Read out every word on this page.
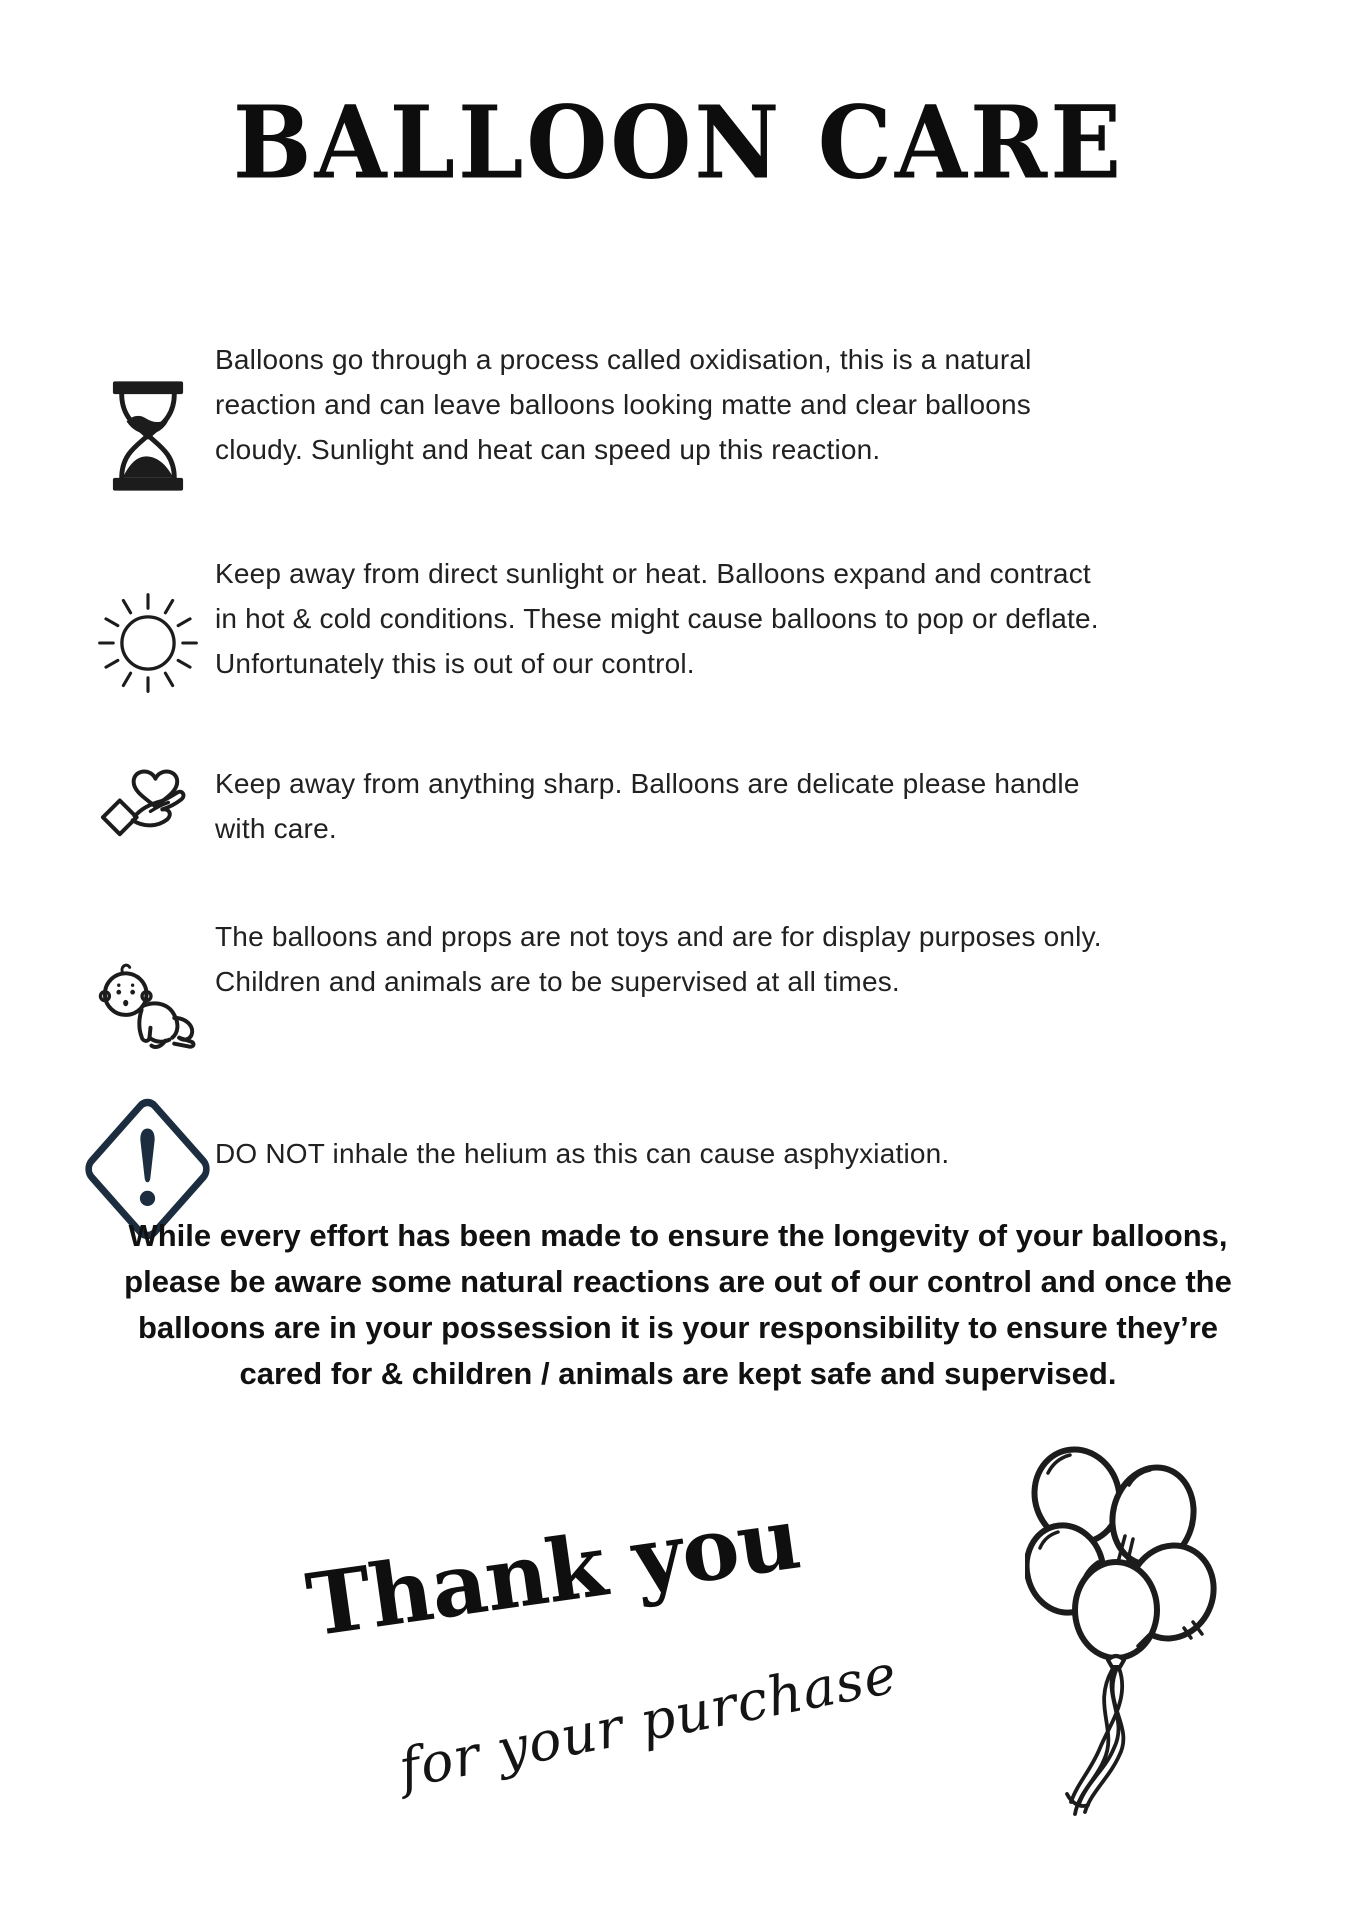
BALLOON CARE

Balloons go through a process called oxidisation, this is a natural reaction and can leave balloons looking matte and clear balloons cloudy. Sunlight and heat can speed up this reaction.

Keep away from direct sunlight or heat. Balloons expand and contract in hot & cold conditions. These might cause balloons to pop or deflate. Unfortunately this is out of our control.

Keep away from anything sharp. Balloons are delicate please handle with care.

The balloons and props are not toys and are for display purposes only. Children and animals are to be supervised at all times.

DO NOT inhale the helium as this can cause asphyxiation.

While every effort has been made to ensure the longevity of your balloons, please be aware some natural reactions are out of our control and once the balloons are in your possession it is your responsibility to ensure they’re cared for & children / animals are kept safe and supervised.

Thank you
for your purchase
